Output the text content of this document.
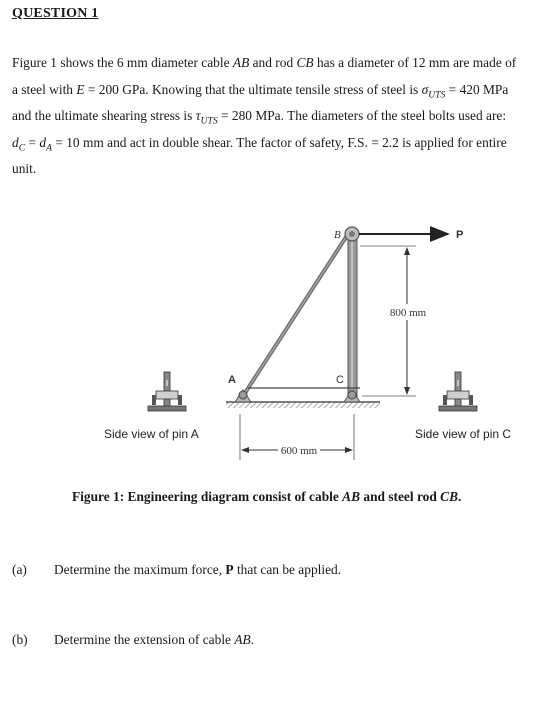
QUESTION 1
Figure 1 shows the 6 mm diameter cable AB and rod CB has a diameter of 12 mm are made of
a steel with E = 200 GPa. Knowing that the ultimate tensile stress of steel is $\sigma_{UTS} = 420$ MPa
and the ultimate shearing stress is $\tau_{UTS} = 280$ MPa. The diameters of the steel bolts used are:
$d_C = d_A = 10$ mm and act in double shear. The factor of safety, F.S. = 2.2 is applied for entire
unit.
B	P
A	C
800 mm
600 mm
Side view of pin A	Side view of pin C
Figure 1: Engineering diagram consist of cable AB and steel rod CB.
(a) Determine the maximum force, P that can be applied.
(b) Determine the extension of cable AB.
